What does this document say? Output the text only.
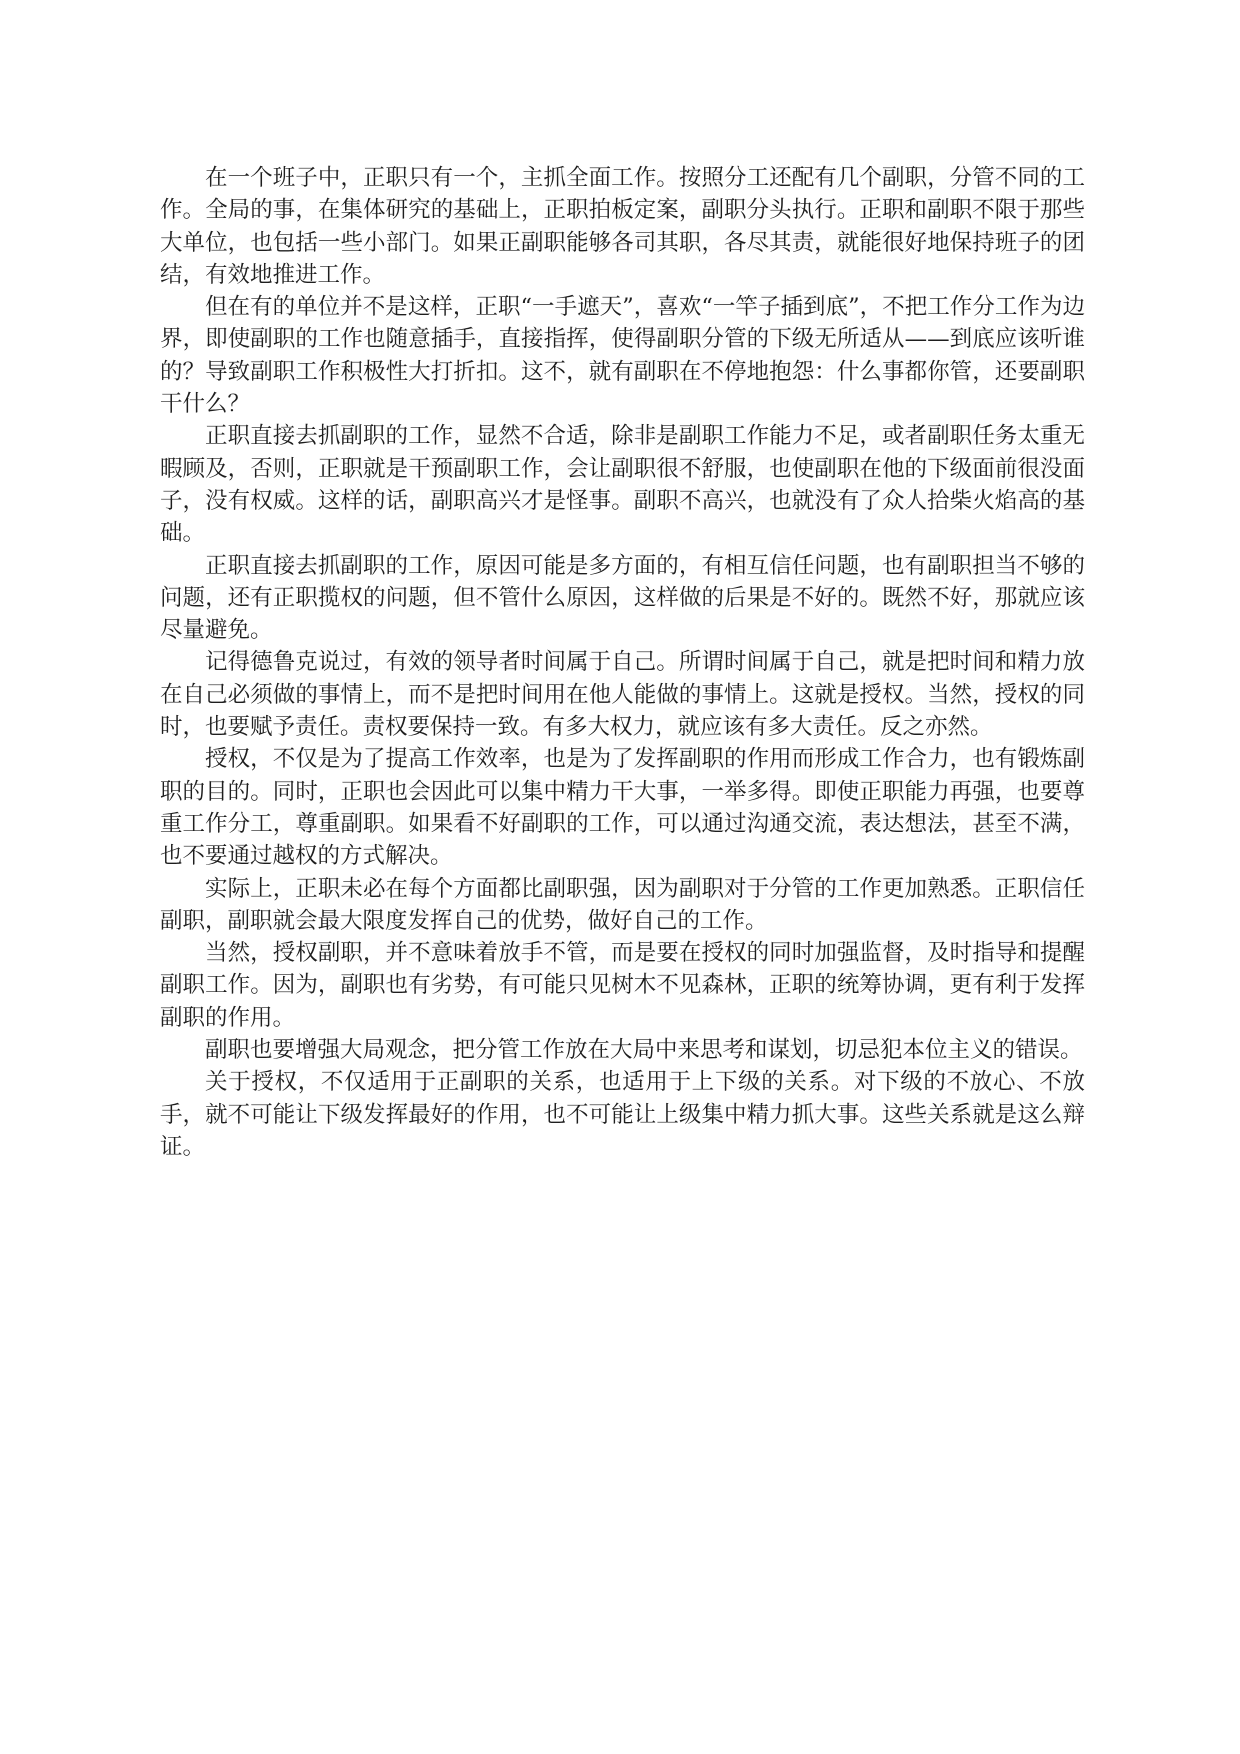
在一个班子中，正职只有一个，主抓全面工作。按照分工还配有几个副职，分管不同的工作。全局的事，在集体研究的基础上，正职拍板定案，副职分头执行。正职和副职不限于那些大单位，也包括一些小部门。如果正副职能够各司其职，各尽其责，就能很好地保持班子的团结，有效地推进工作。

但在有的单位并不是这样，正职“一手遮天”，喜欢“一竿子插到底”，不把工作分工作为边界，即使副职的工作也随意插手，直接指挥，使得副职分管的下级无所适从——到底应该听谁的？导致副职工作积极性大打折扣。这不，就有副职在不停地抱怨：什么事都你管，还要副职干什么？

正职直接去抓副职的工作，显然不合适，除非是副职工作能力不足，或者副职任务太重无暇顾及，否则，正职就是干预副职工作，会让副职很不舒服，也使副职在他的下级面前很没面子，没有权威。这样的话，副职高兴才是怪事。副职不高兴，也就没有了众人拾柴火焰高的基础。

正职直接去抓副职的工作，原因可能是多方面的，有相互信任问题，也有副职担当不够的问题，还有正职揽权的问题，但不管什么原因，这样做的后果是不好的。既然不好，那就应该尽量避免。

记得德鲁克说过，有效的领导者时间属于自己。所谓时间属于自己，就是把时间和精力放在自己必须做的事情上，而不是把时间用在他人能做的事情上。这就是授权。当然，授权的同时，也要赋予责任。责权要保持一致。有多大权力，就应该有多大责任。反之亦然。

授权，不仅是为了提高工作效率，也是为了发挥副职的作用而形成工作合力，也有锻炼副职的目的。同时，正职也会因此可以集中精力干大事，一举多得。即使正职能力再强，也要尊重工作分工，尊重副职。如果看不好副职的工作，可以通过沟通交流，表达想法，甚至不满，也不要通过越权的方式解决。

实际上，正职未必在每个方面都比副职强，因为副职对于分管的工作更加熟悉。正职信任副职，副职就会最大限度发挥自己的优势，做好自己的工作。

当然，授权副职，并不意味着放手不管，而是要在授权的同时加强监督，及时指导和提醒副职工作。因为，副职也有劣势，有可能只见树木不见森林，正职的统筹协调，更有利于发挥副职的作用。

副职也要增强大局观念，把分管工作放在大局中来思考和谋划，切忌犯本位主义的错误。

关于授权，不仅适用于正副职的关系，也适用于上下级的关系。对下级的不放心、不放手，就不可能让下级发挥最好的作用，也不可能让上级集中精力抓大事。这些关系就是这么辩证。
